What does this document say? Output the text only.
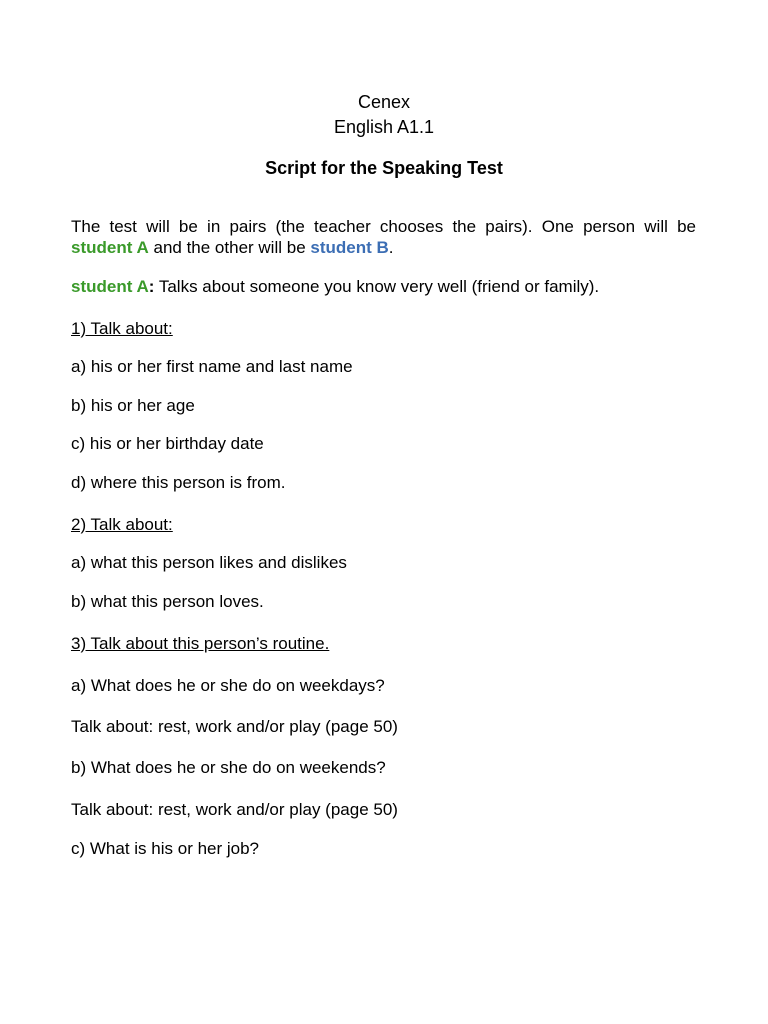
Cenex
English A1.1
Script for the Speaking Test
The test will be in pairs (the teacher chooses the pairs). One person will be student A and the other will be student B.
student A: Talks about someone you know very well (friend or family).
1) Talk about:
a) his or her first name and last name
b) his or her age
c) his or her birthday date
d) where this person is from.
2) Talk about:
a) what this person likes and dislikes
b) what this person loves.
3) Talk about this person’s routine.
a) What does he or she do on weekdays?
Talk about: rest, work and/or play (page 50)
b) What does he or she do on weekends?
Talk about: rest, work and/or play (page 50)
c) What is his or her job?
